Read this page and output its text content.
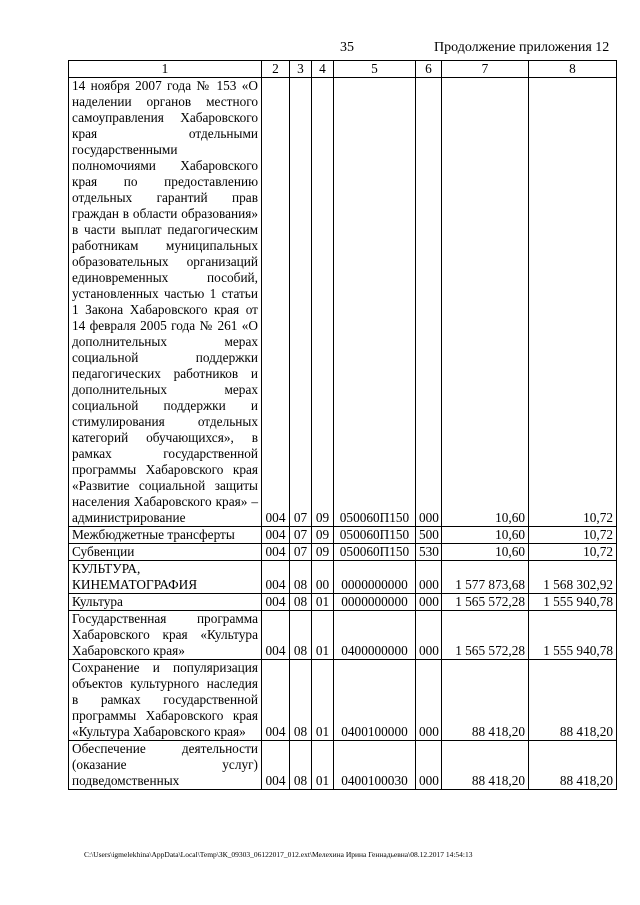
35	Продолжение приложения 12
1	2	3	4	5	6	7	8
14 ноября 2007 года № 153 «О наделении органов местного самоуправления Хабаровского края отдельными государственными полномочиями Хабаровского края по предоставлению отдельных гарантий прав граждан в области образования» в части выплат педагогическим работникам муниципальных образовательных организаций единовременных пособий, установленных частью 1 статьи 1 Закона Хабаровского края от 14 февраля 2005 года № 261 «О дополнительных мерах социальной поддержки педагогических работников и дополнительных мерах социальной поддержки и стимулирования отдельных категорий обучающихся», в рамках государственной программы Хабаровского края «Развитие социальной защиты населения Хабаровского края» – администрирование	004	07	09	050060П150	000	10,60	10,72
Межбюджетные трансферты	004	07	09	050060П150	500	10,60	10,72
Субвенции	004	07	09	050060П150	530	10,60	10,72
КУЛЬТУРА, КИНЕМАТОГРАФИЯ	004	08	00	0000000000	000	1 577 873,68	1 568 302,92
Культура	004	08	01	0000000000	000	1 565 572,28	1 555 940,78
Государственная программа Хабаровского края «Культура Хабаровского края»	004	08	01	0400000000	000	1 565 572,28	1 555 940,78
Сохранение и популяризация объектов культурного наследия в рамках государственной программы Хабаровского края «Культура Хабаровского края»	004	08	01	0400100000	000	88 418,20	88 418,20
Обеспечение деятельности (оказание услуг) подведомственных	004	08	01	0400100030	000	88 418,20	88 418,20
C:\Users\igmelekhina\AppData\Local\Temp\ЗК_09303_06122017_012.ext\Мелехина Ирина Геннадьевна\08.12.2017 14:54:13
